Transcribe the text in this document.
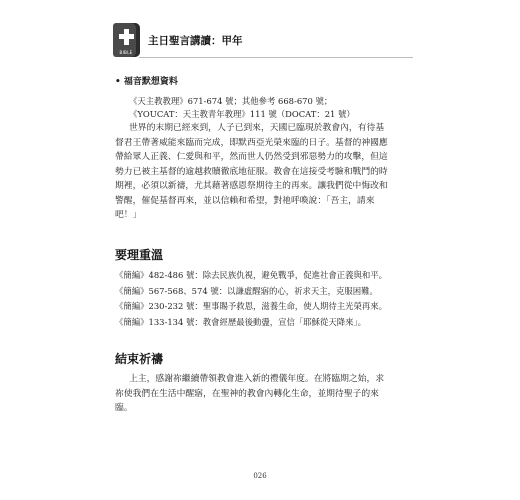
BIBLE
主日聖言講讀：甲年
• 福音默想資料
《天主教教理》671-674 號；其他參考 668-670 號；
《YOUCAT：天主教青年教理》111 號（DOCAT：21 號）
世界的末期已經來到，人子已到來，天國已臨現於教會內，有待基
督君王帶著威能來臨而完成，即默西亞光榮來臨的日子。基督的神國應
帶給眾人正義、仁愛與和平，然而世人仍然受到邪惡勢力的攻擊，但這
勢力已被主基督的逾越救贖徹底地征服。教會在這接受考驗和戰鬥的時
期裡，必須以新禱，尤其藉著感恩祭期待主的再來。讓我們從中悔改和
警醒，催促基督再來，並以信賴和希望，對祂呼喚說：「吾主，請來
吧！」
要理重溫
《簡編》482-486 號：除去民族仇視，避免戰爭，促進社會正義與和平。
《簡編》567-568、574 號：以謙虛醒寤的心，祈求天主，克服困難。
《簡編》230-232 號：聖事賜予救恩，滋養生命，使人期待主光榮再來。
《簡編》133-134 號：教會經歷最後動盪，宣信「耶穌從天降來」。
結束祈禱
上主，感謝祢繼續帶領教會進入新的禮儀年度。在將臨期之始，求
祢使我們在生活中醒寤，在聖神的教會內轉化生命，並期待聖子的來
臨。
026
